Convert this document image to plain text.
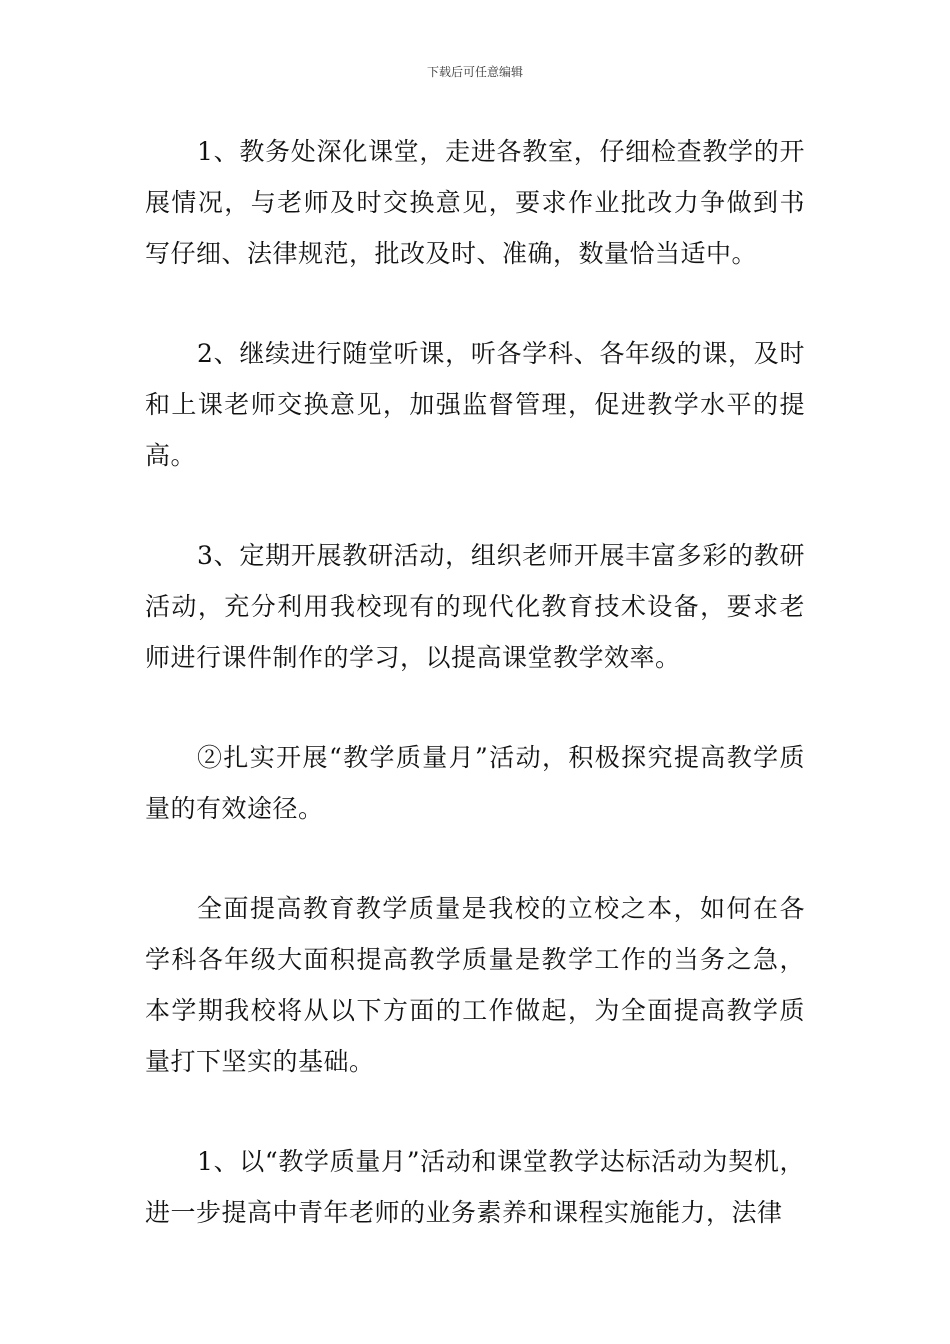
下载后可任意编辑

1、教务处深化课堂，走进各教室，仔细检查教学的开展情况，与老师及时交换意见，要求作业批改力争做到书写仔细、法律规范，批改及时、准确，数量恰当适中。

2、继续进行随堂听课，听各学科、各年级的课，及时和上课老师交换意见，加强监督管理，促进教学水平的提高。

3、定期开展教研活动，组织老师开展丰富多彩的教研活动，充分利用我校现有的现代化教育技术设备，要求老师进行课件制作的学习，以提高课堂教学效率。

②扎实开展“教学质量月”活动，积极探究提高教学质量的有效途径。

全面提高教育教学质量是我校的立校之本，如何在各学科各年级大面积提高教学质量是教学工作的当务之急，本学期我校将从以下方面的工作做起，为全面提高教学质量打下坚实的基础。

1、以“教学质量月”活动和课堂教学达标活动为契机，进一步提高中青年老师的业务素养和课程实施能力，法律
